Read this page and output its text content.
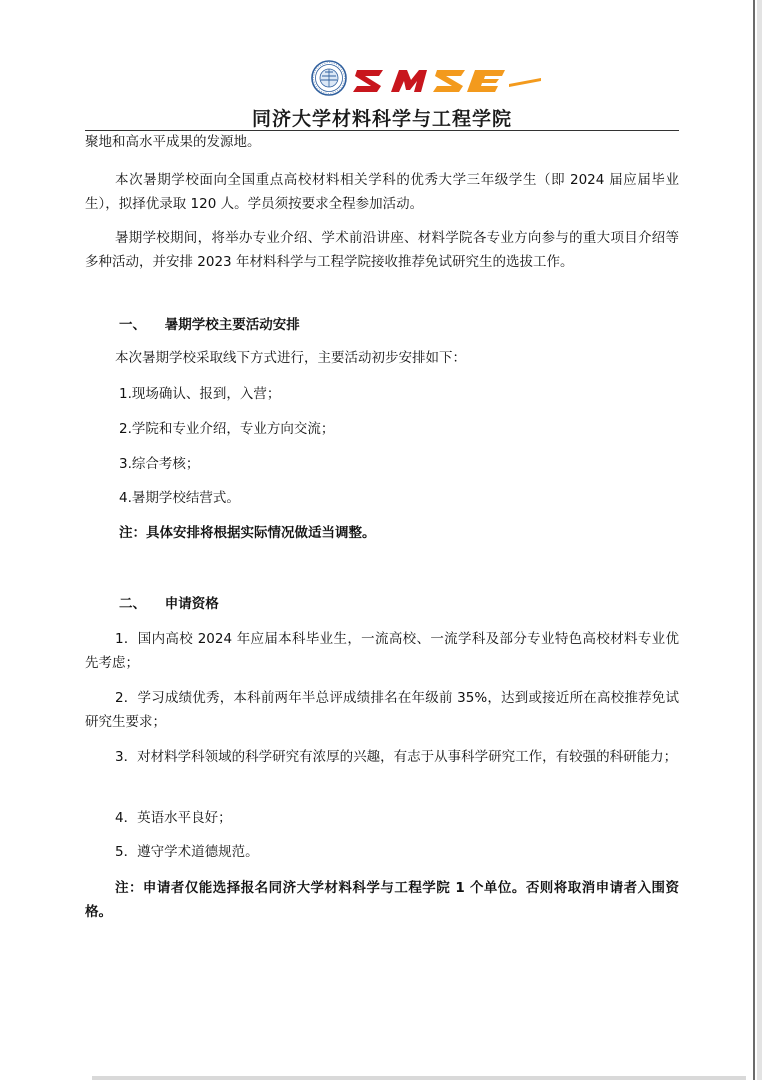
同济大学材料科学与工程学院

聚地和高水平成果的发源地。

本次暑期学校面向全国重点高校材料相关学科的优秀大学三年级学生（即 2024 届应届毕业生），拟择优录取 120 人。学员须按要求全程参加活动。

暑期学校期间，将举办专业介绍、学术前沿讲座、材料学院各专业方向参与的重大项目介绍等多种活动，并安排 2023 年材料科学与工程学院接收推荐免试研究生的选拔工作。

一、    暑期学校主要活动安排

本次暑期学校采取线下方式进行，主要活动初步安排如下：

1.现场确认、报到，入营；

2.学院和专业介绍，专业方向交流；

3.综合考核；

4.暑期学校结营式。

注：具体安排将根据实际情况做适当调整。

二、    申请资格

1．国内高校 2024 年应届本科毕业生，一流高校、一流学科及部分专业特色高校材料专业优先考虑；

2．学习成绩优秀，本科前两年半总评成绩排名在年级前 35%，达到或接近所在高校推荐免试研究生要求；

3．对材料学科领域的科学研究有浓厚的兴趣，有志于从事科学研究工作，有较强的科研能力；

4．英语水平良好；

5．遵守学术道德规范。

注：申请者仅能选择报名同济大学材料科学与工程学院 1 个单位。否则将取消申请者入围资格。
